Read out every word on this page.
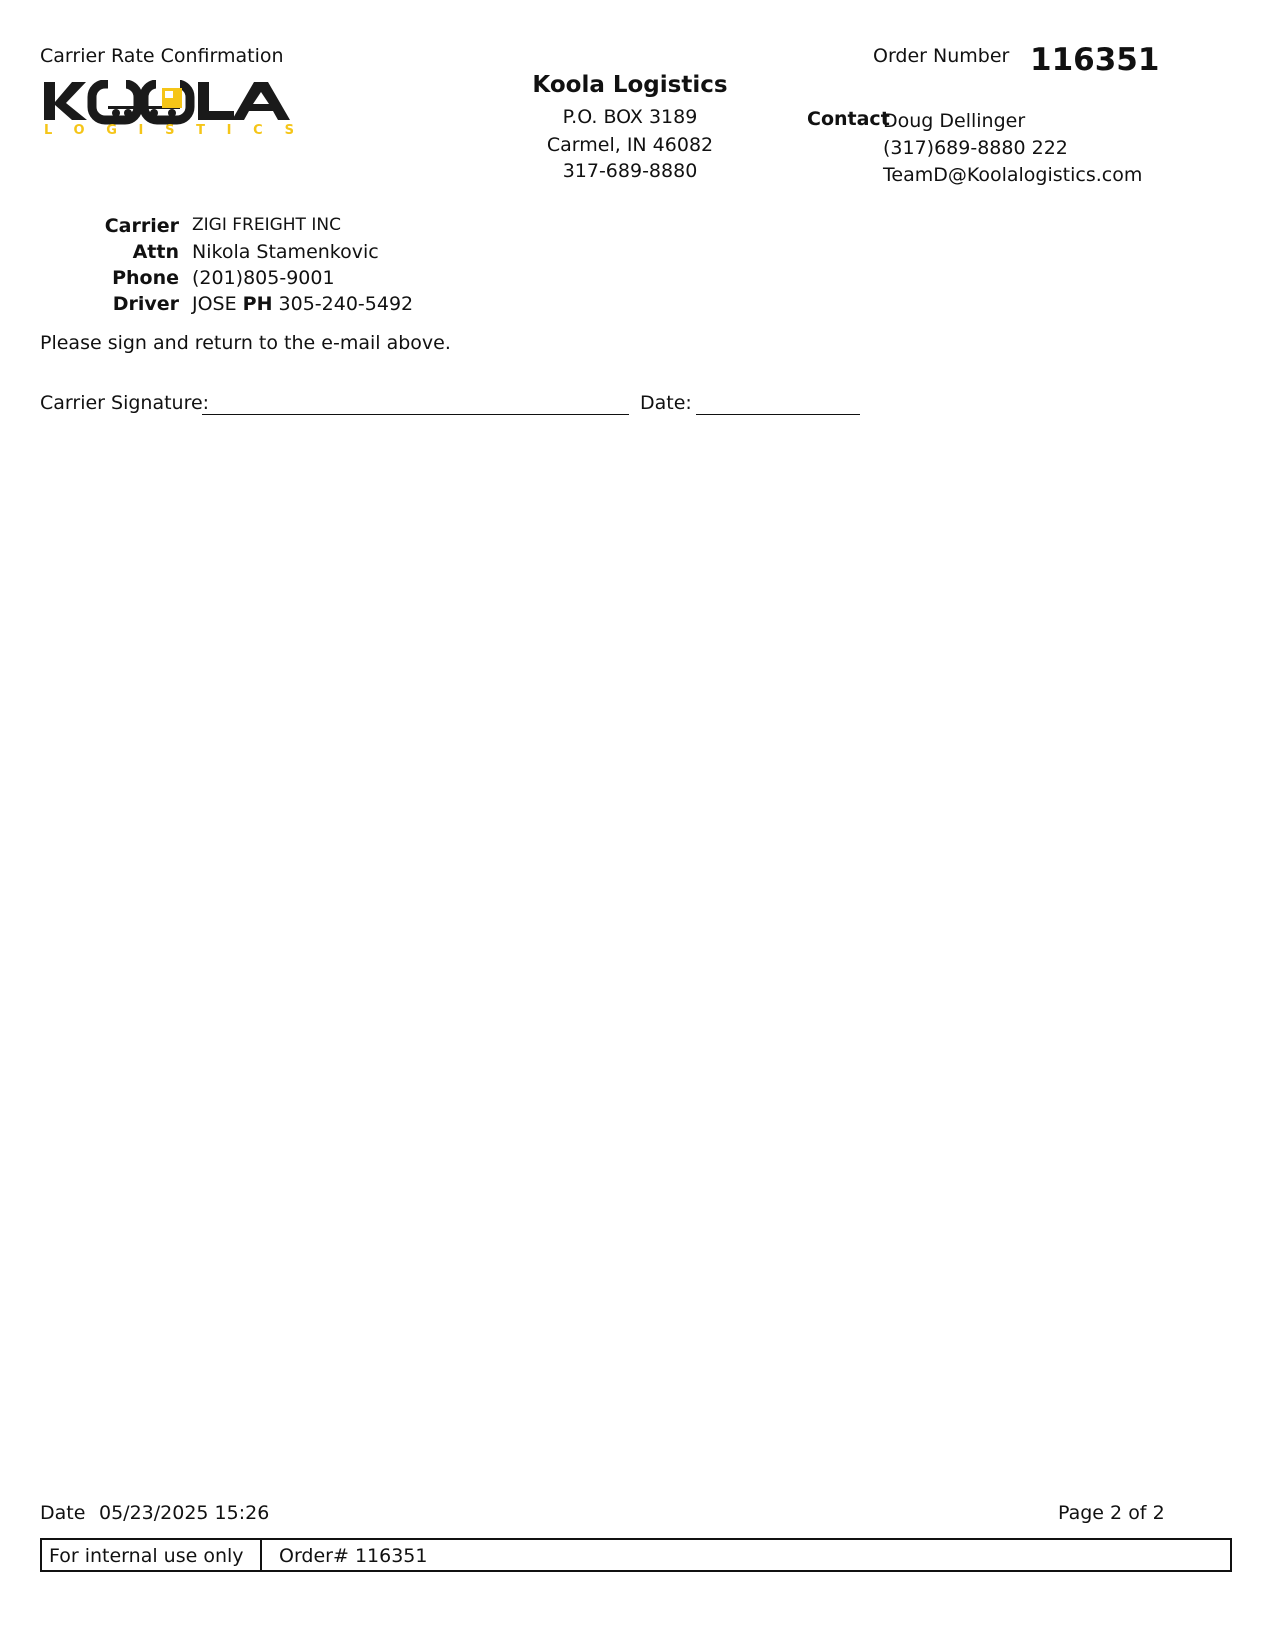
Carrier Rate Confirmation
LOGISTICS
Koola Logistics
P.O. BOX 3189
Carmel, IN 46082
317-689-8880
Order Number 116351
Contact
Doug Dellinger
(317)689-8880 222
TeamD@Koolalogistics.com
Carrier ZIGI FREIGHT INC
Attn Nikola Stamenkovic
Phone (201)805-9001
Driver JOSE PH 305-240-5492
Please sign and return to the e-mail above.
Carrier Signature:	Date:
For internal use only Order# 116351
Date 05/23/2025 15:26	Page 2 of 2
